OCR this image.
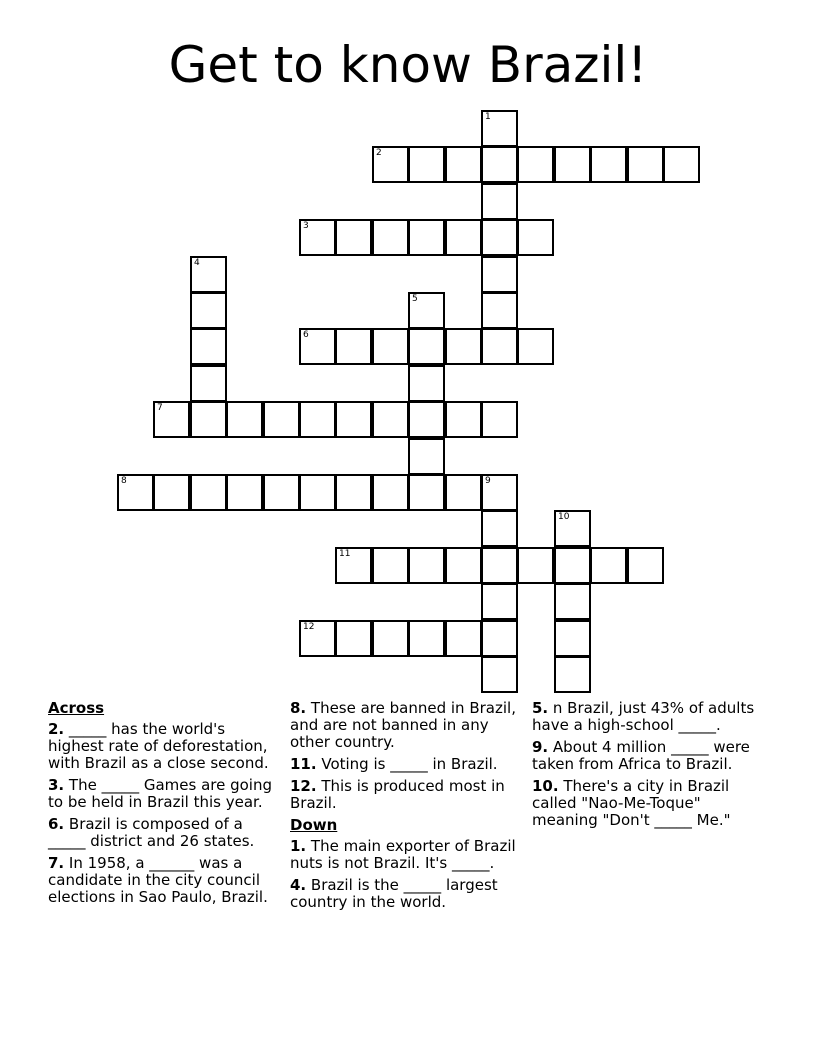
Get to know Brazil!
1
2
3
4
5
6
7
8	9
10
11
12
Across
2. _____ has the world's highest rate of deforestation, with Brazil as a close second.
3. The _____ Games are going to be held in Brazil this year.
6. Brazil is composed of a _____ district and 26 states.
7. In 1958, a ______ was a candidate in the city council elections in Sao Paulo, Brazil.
8. These are banned in Brazil, and are not banned in any other country.
11. Voting is _____ in Brazil.
12. This is produced most in Brazil.
Down
1. The main exporter of Brazil nuts is not Brazil. It's _____.
4. Brazil is the _____ largest country in the world.
5. n Brazil, just 43% of adults have a high-school _____.
9. About 4 million _____ were taken from Africa to Brazil.
10. There's a city in Brazil called "Nao-Me-Toque" meaning "Don't _____ Me."
